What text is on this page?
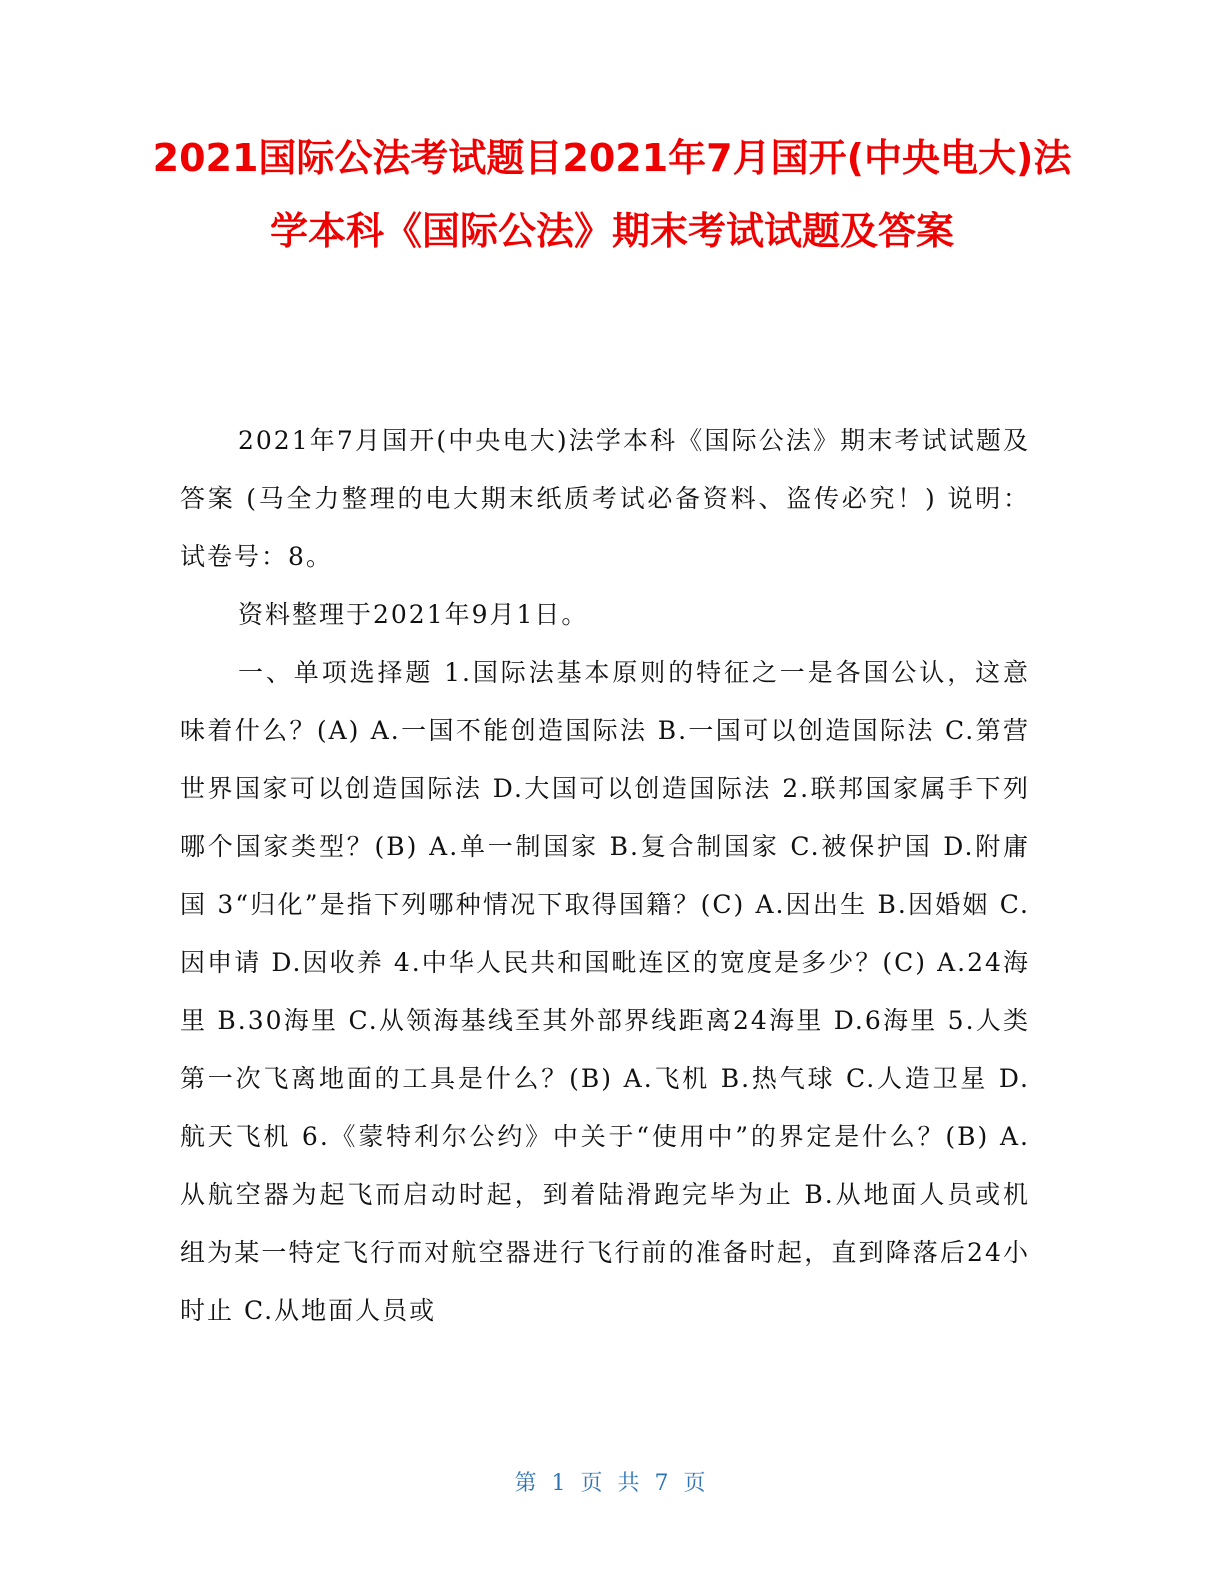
2021国际公法考试题目2021年7月国开(中央电大)法学本科《国际公法》期末考试试题及答案

2021年7月国开(中央电大)法学本科《国际公法》期末考试试题及答案 (马全力整理的电大期末纸质考试必备资料、盗传必究！) 说明：试卷号：8。

资料整理于2021年9月1日。

一、单项选择题 1.国际法基本原则的特征之一是各国公认，这意味着什么？(A) A.一国不能创造国际法 B.一国可以创造国际法 C.第营世界国家可以创造国际法 D.大国可以创造国际法 2.联邦国家属手下列哪个国家类型？(B) A.单一制国家 B.复合制国家 C.被保护国 D.附庸国 3“归化”是指下列哪种情况下取得国籍？(C) A.因出生 B.因婚姻 C.因申请 D.因收养 4.中华人民共和国毗连区的宽度是多少？(C) A.24海里 B.30海里 C.从领海基线至其外部界线距离24海里 D.6海里 5.人类第一次飞离地面的工具是什么？(B) A.飞机 B.热气球 C.人造卫星 D.航天飞机 6.《蒙特利尔公约》中关于“使用中”的界定是什么？(B) A.从航空器为起飞而启动时起，到着陆滑跑完毕为止 B.从地面人员或机组为某一特定飞行而对航空器进行飞行前的准备时起，直到降落后24小时止 C.从地面人员或

第 1 页 共 7 页
